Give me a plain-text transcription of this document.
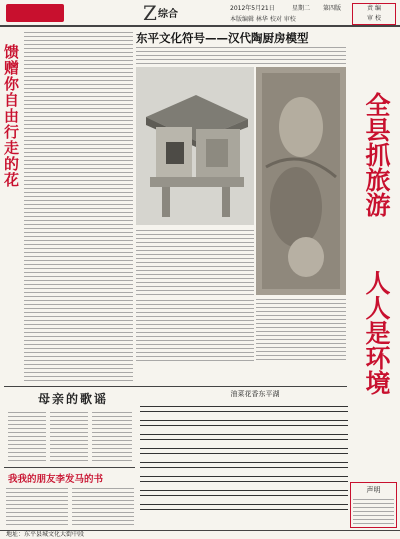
Z 综合
2012年5月21日	星期二 第四版
本版编辑 林华 校对 审校
责 编
审 校
馈赠你自由行走的花
东平文化符号——汉代陶厨房模型
全县抓旅游
人人是环境
声明
母亲的歌谣	油菜花香东平湖
我我的朋友李发马的书
地址：东平县城文化大街中段
